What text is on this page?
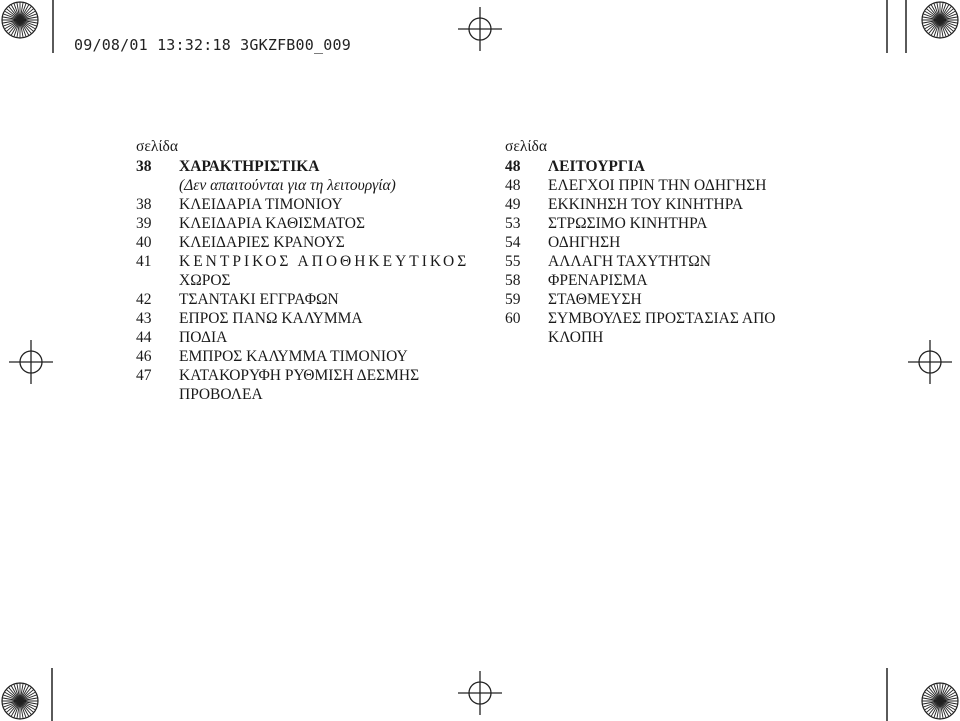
09/08/01 13:32:18 3GKZFB00_009
σελίδα
38	ΧΑΡΑΚΤΗΡΙΣΤΙΚΑ
(Δεν απαιτούνται για τη λειτουργία)
38	ΚΛΕΙΔΑΡΙΑ ΤΙΜΟΝΙΟΥ
39	ΚΛΕΙΔΑΡΙΑ ΚΑΘΙΣΜΑΤΟΣ
40	ΚΛΕΙΔΑΡΙΕΣ ΚΡΑΝΟΥΣ
41	ΚΕΝΤΡΙΚΟΣ ΑΠΟΘΗΚΕΥΤΙΚΟΣ
ΧΩΡΟΣ
42	ΤΣΑΝΤΑΚΙ ΕΓΓΡΑΦΩΝ
43	ΕΠΡΟΣ ΠΑΝΩ ΚΑΛΥΜΜΑ
44	ΠΟΔΙΑ
46	ΕΜΠΡΟΣ ΚΑΛΥΜΜΑ ΤΙΜΟΝΙΟΥ
47	ΚΑΤΑΚΟΡΥΦΗ ΡΥΘΜΙΣΗ ΔΕΣΜΗΣ
ΠΡΟΒΟΛΕΑ
σελίδα
48	ΛΕΙΤΟΥΡΓΙΑ
48	ΕΛΕΓΧΟΙ ΠΡΙΝ ΤΗΝ ΟΔΗΓΗΣΗ
49	ΕΚΚΙΝΗΣΗ ΤΟΥ ΚΙΝΗΤΗΡΑ
53	ΣΤΡΩΣΙΜΟ ΚΙΝΗΤΗΡΑ
54	ΟΔΗΓΗΣΗ
55	ΑΛΛΑΓΗ ΤΑΧΥΤΗΤΩΝ
58	ΦΡΕΝΑΡΙΣΜΑ
59	ΣΤΑΘΜΕΥΣΗ
60	ΣΥΜΒΟΥΛΕΣ ΠΡΟΣΤΑΣΙΑΣ ΑΠΟ
ΚΛΟΠΗ
